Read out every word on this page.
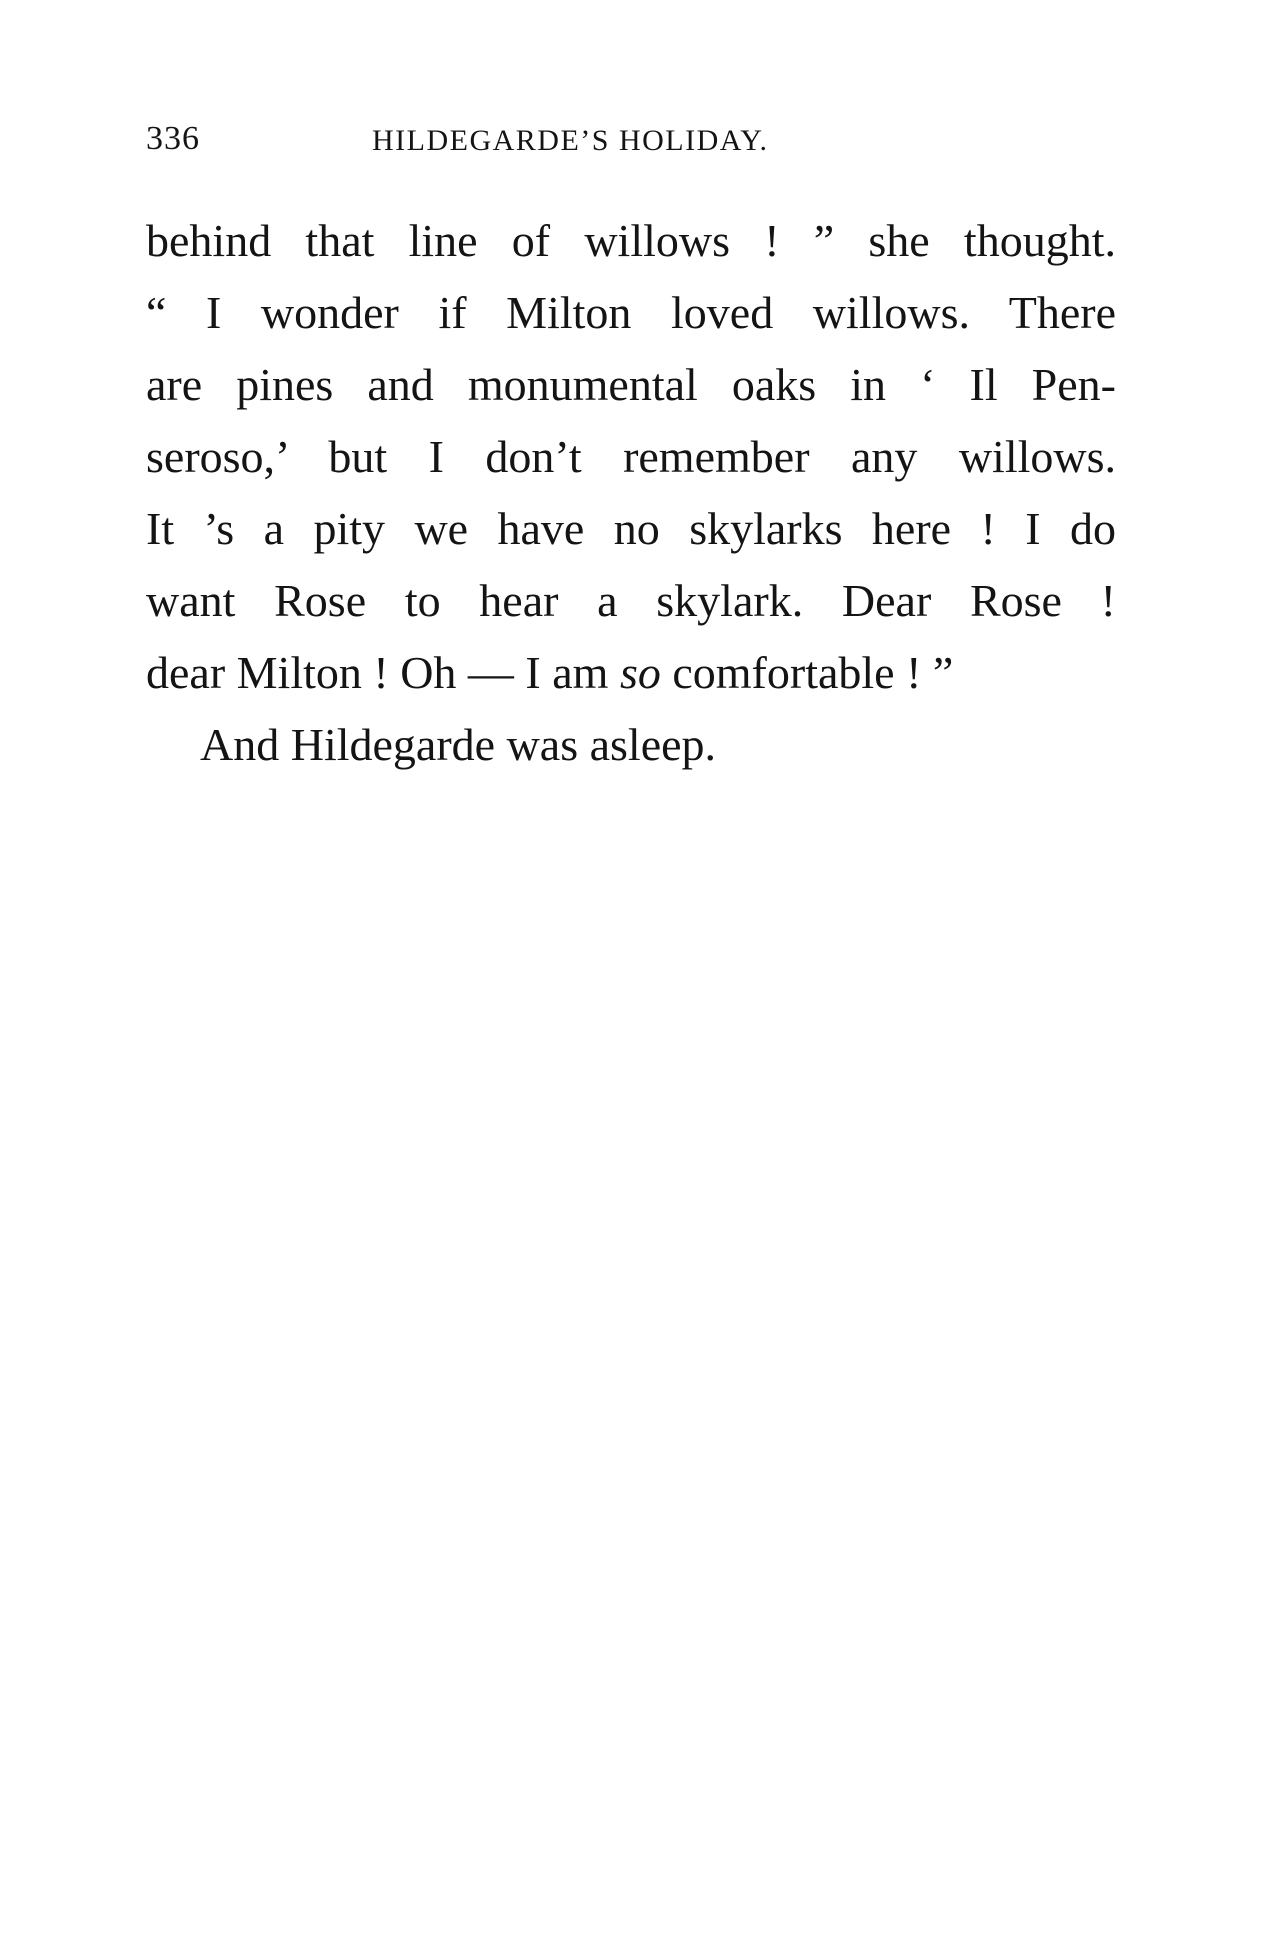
336	HILDEGARDE’S HOLIDAY.
behind that line of willows ! ” she thought.
“ I wonder if Milton loved willows. There
are pines and monumental oaks in ‘ Il Pen-
seroso,’ but I don’t remember any willows.
It ’s a pity we have no skylarks here ! I do
want Rose to hear a skylark. Dear Rose !
dear Milton ! Oh — I am so comfortable ! ”
And Hildegarde was asleep.
